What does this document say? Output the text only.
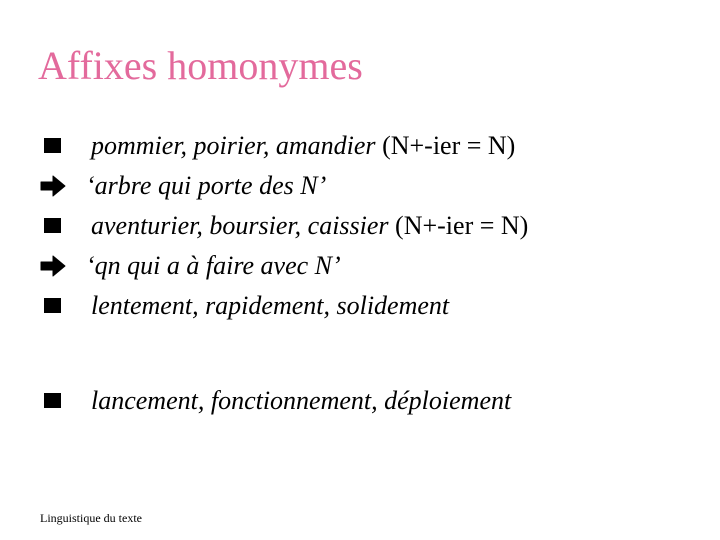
Affixes homonymes
pommier, poirier, amandier (N+-ier = N)
‘arbre qui porte des N’
aventurier, boursier, caissier (N+-ier = N)
‘qn qui a à faire avec N’
lentement, rapidement, solidement
lancement, fonctionnement, déploiement
Linguistique du texte
